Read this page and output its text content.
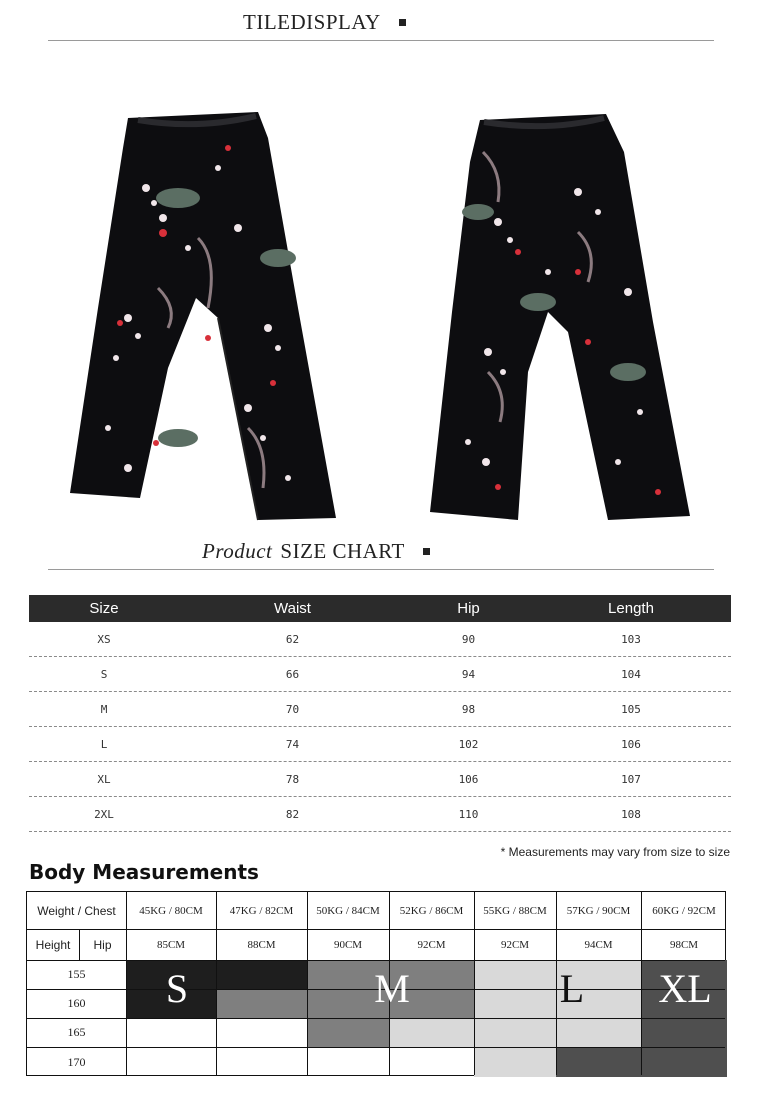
TILEDISPLAY
Product SIZE CHART
Size	Waist	Hip	Length
XS	62	90	103
S	66	94	104
M	70	98	105
L	74	102	106
XL	78	106	107
2XL	82	110	108
* Measurements may vary from size to size
Body Measurements
Weight / Chest	45KG / 80CM	47KG / 82CM	50KG / 84CM	52KG / 86CM	55KG / 88CM	57KG / 90CM	60KG / 92CM
Height	Hip	85CM	88CM	90CM	92CM	92CM	94CM	98CM
155
160
165
170
S	M	L XL
